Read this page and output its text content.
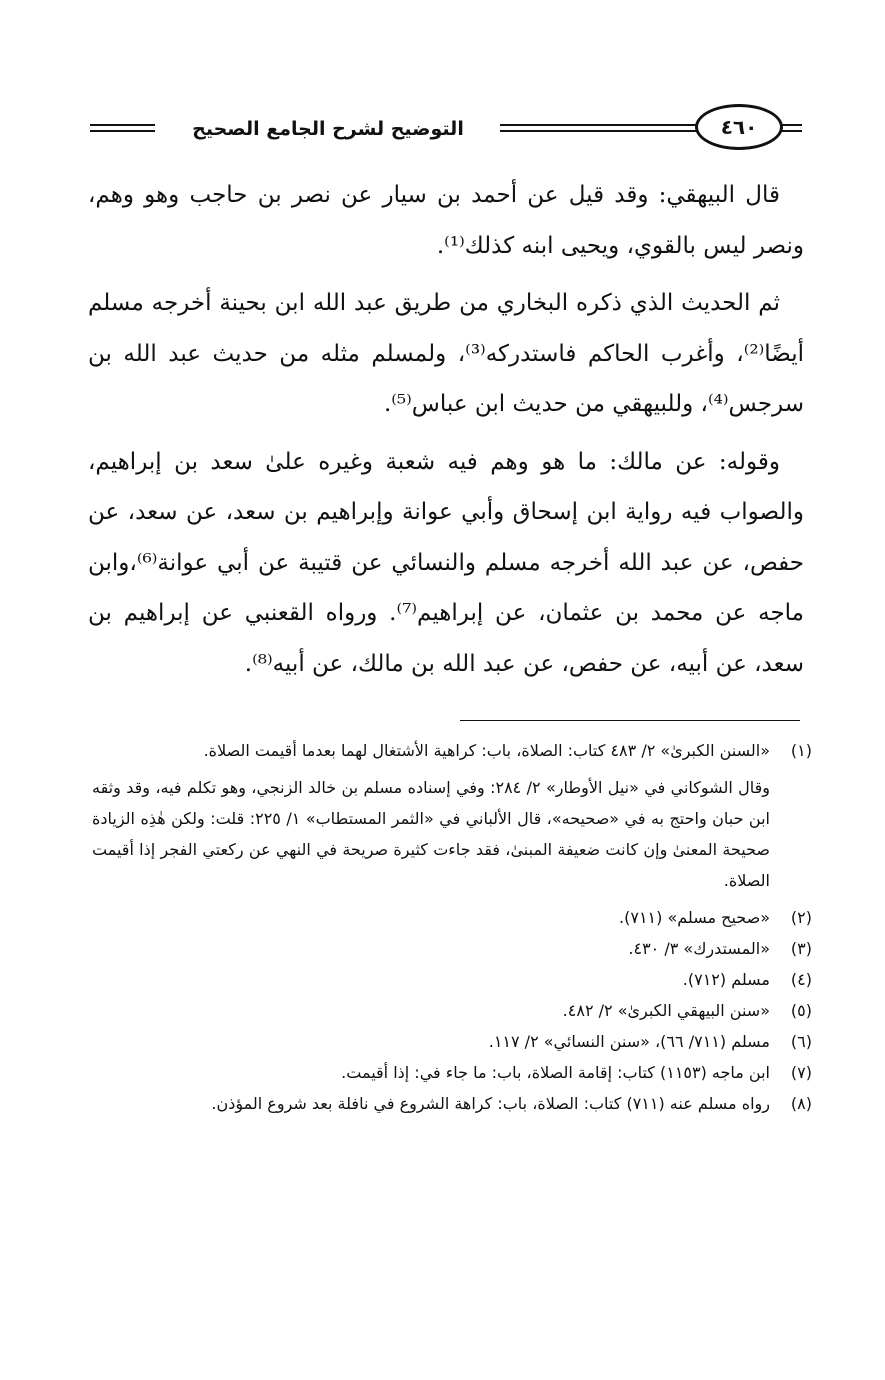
التوضيح لشرح الجامع الصحيح	٤٦٠

قال البيهقي: وقد قيل عن أحمد بن سيار عن نصر بن حاجب وهو وهم، ونصر ليس بالقوي، ويحيى ابنه كذلك⁽¹⁾.

ثم الحديث الذي ذكره البخاري من طريق عبد الله ابن بحينة أخرجه مسلم أيضًا⁽²⁾، وأغرب الحاكم فاستدركه⁽³⁾، ولمسلم مثله من حديث عبد الله بن سرجس⁽⁴⁾، وللبيهقي من حديث ابن عباس⁽⁵⁾.

وقوله: عن مالك: ما هو وهم فيه شعبة وغيره علىٰ سعد بن إبراهيم، والصواب فيه رواية ابن إسحاق وأبي عوانة وإبراهيم بن سعد، عن سعد، عن حفص، عن عبد الله أخرجه مسلم والنسائي عن قتيبة عن أبي عوانة⁽⁶⁾،وابن ماجه عن محمد بن عثمان، عن إبراهيم⁽⁷⁾. ورواه القعنبي عن إبراهيم بن سعد، عن أبيه، عن حفص، عن عبد الله بن مالك، عن أبيه⁽⁸⁾.

(١)
«السنن الكبرىٰ» ٢/ ٤٨٣ كتاب: الصلاة، باب: كراهية الأشتغال لهما بعدما أقيمت الصلاة.
وقال الشوكاني في «نيل الأوطار» ٢/ ٢٨٤: وفي إسناده مسلم بن خالد الزنجي، وهو تكلم فيه، وقد وثقه ابن حبان واحتج به في «صحيحه»، قال الألباني في «الثمر المستطاب» ١/ ٢٢٥: قلت: ولكن هٰذِه الزيادة صحيحة المعنىٰ وإن كانت ضعيفة المبنىٰ، فقد جاءت كثيرة صريحة في النهي عن ركعتي الفجر إذا أقيمت الصلاة.
(٢)
«صحيح مسلم» (٧١١).
(٣)
«المستدرك» ٣/ ٤٣٠.
(٤)
مسلم (٧١٢).
(٥)
«سنن البيهقي الكبرىٰ» ٢/ ٤٨٢.
(٦)
مسلم (٧١١/ ٦٦)، «سنن النسائي» ٢/ ١١٧.
(٧)
ابن ماجه (١١٥٣) كتاب: إقامة الصلاة، باب: ما جاء في: إذا أقيمت.
(٨)
رواه مسلم عنه (٧١١) كتاب: الصلاة، باب: كراهة الشروع في نافلة بعد شروع المؤذن.
